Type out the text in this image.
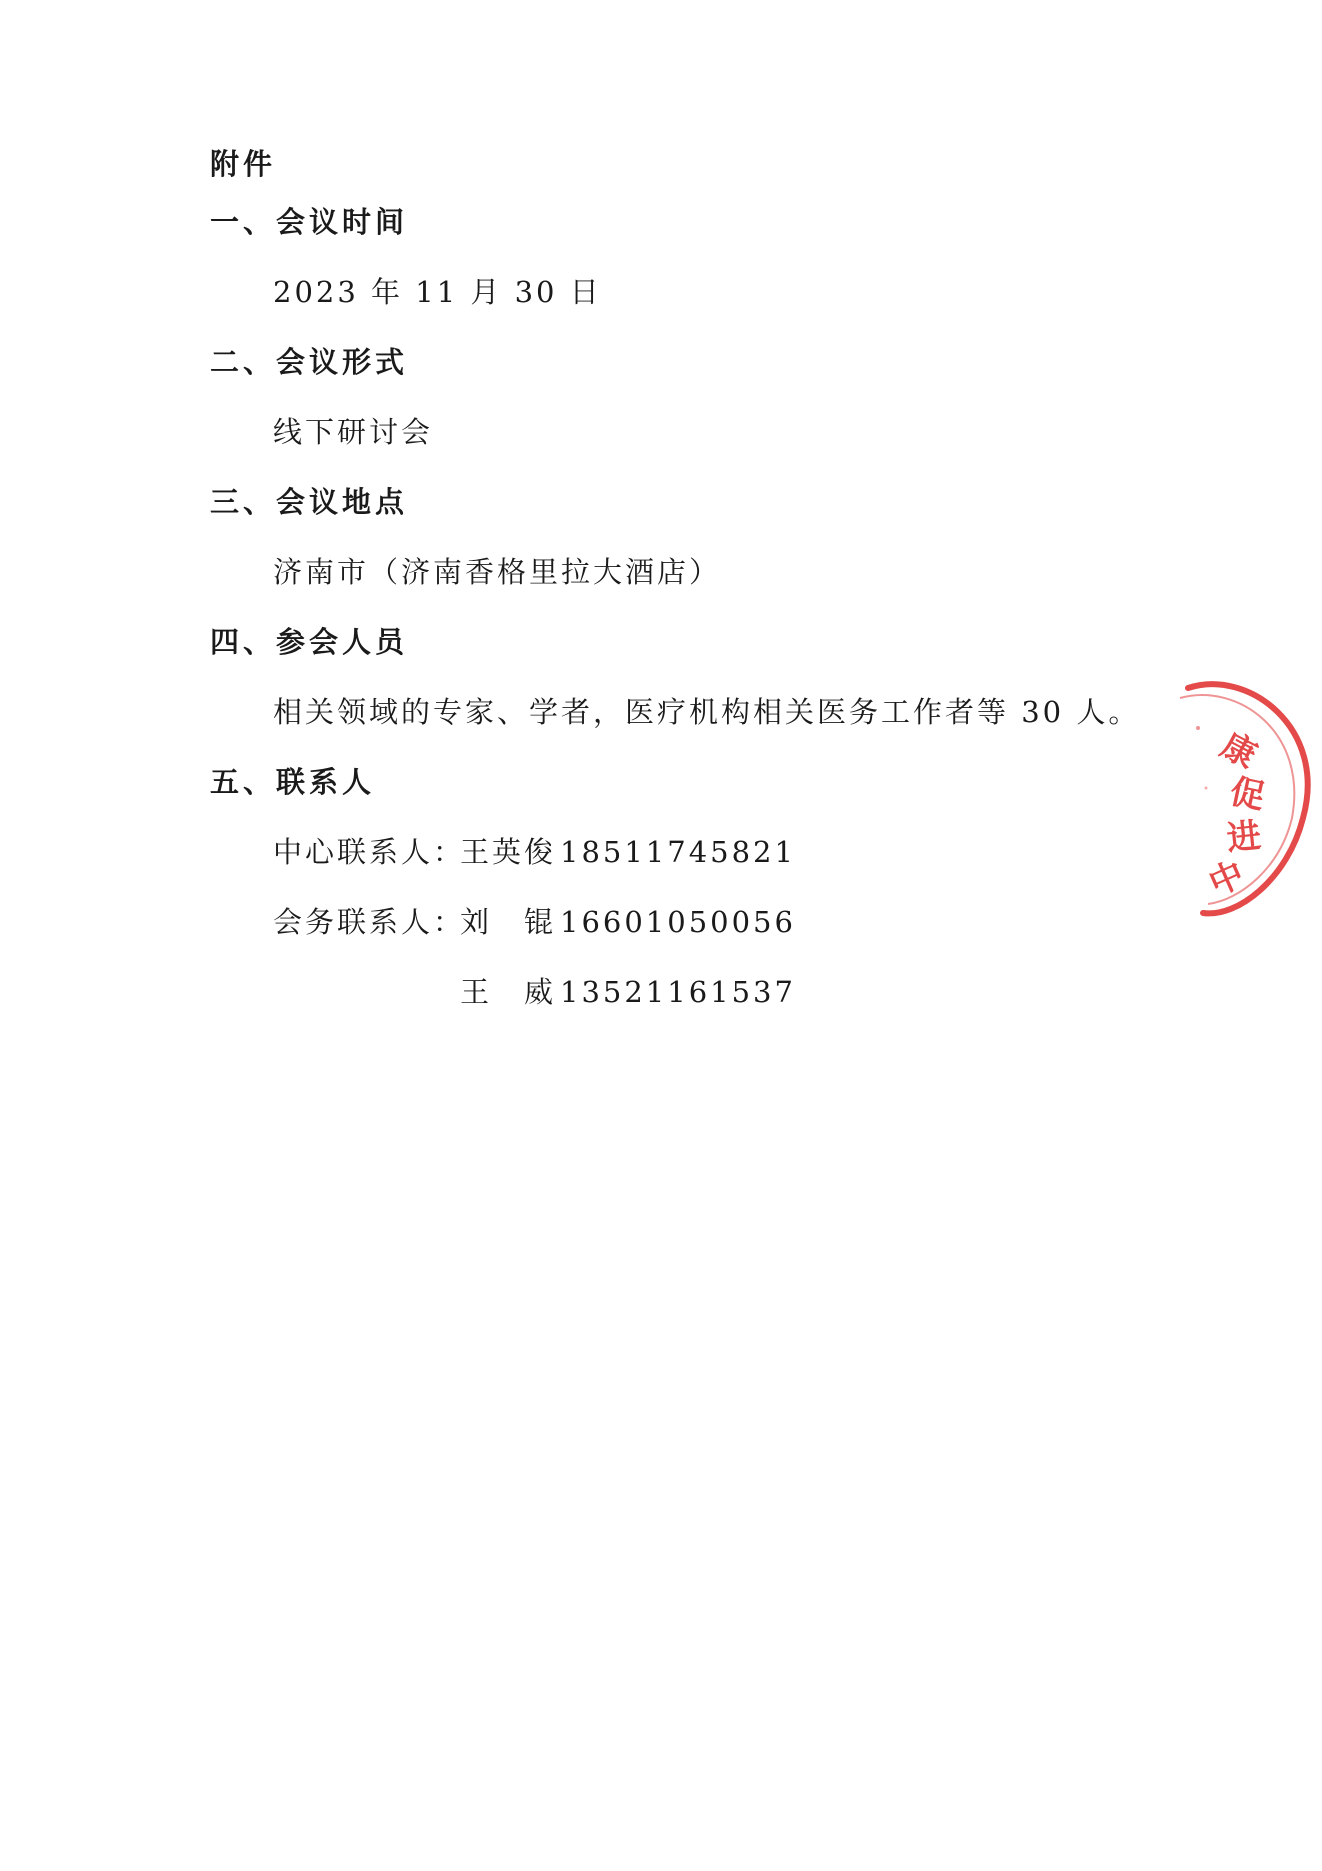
附件
一、会议时间
2023 年 11 月 30 日
二、会议形式
线下研讨会
三、会议地点
济南市（济南香格里拉大酒店）
四、参会人员
相关领域的专家、学者，医疗机构相关医务工作者等 30 人。
五、联系人
中心联系人：王英俊 18511745821
会务联系人：刘　锟 16601050056
王　威 13521161537
康
促
进
中
